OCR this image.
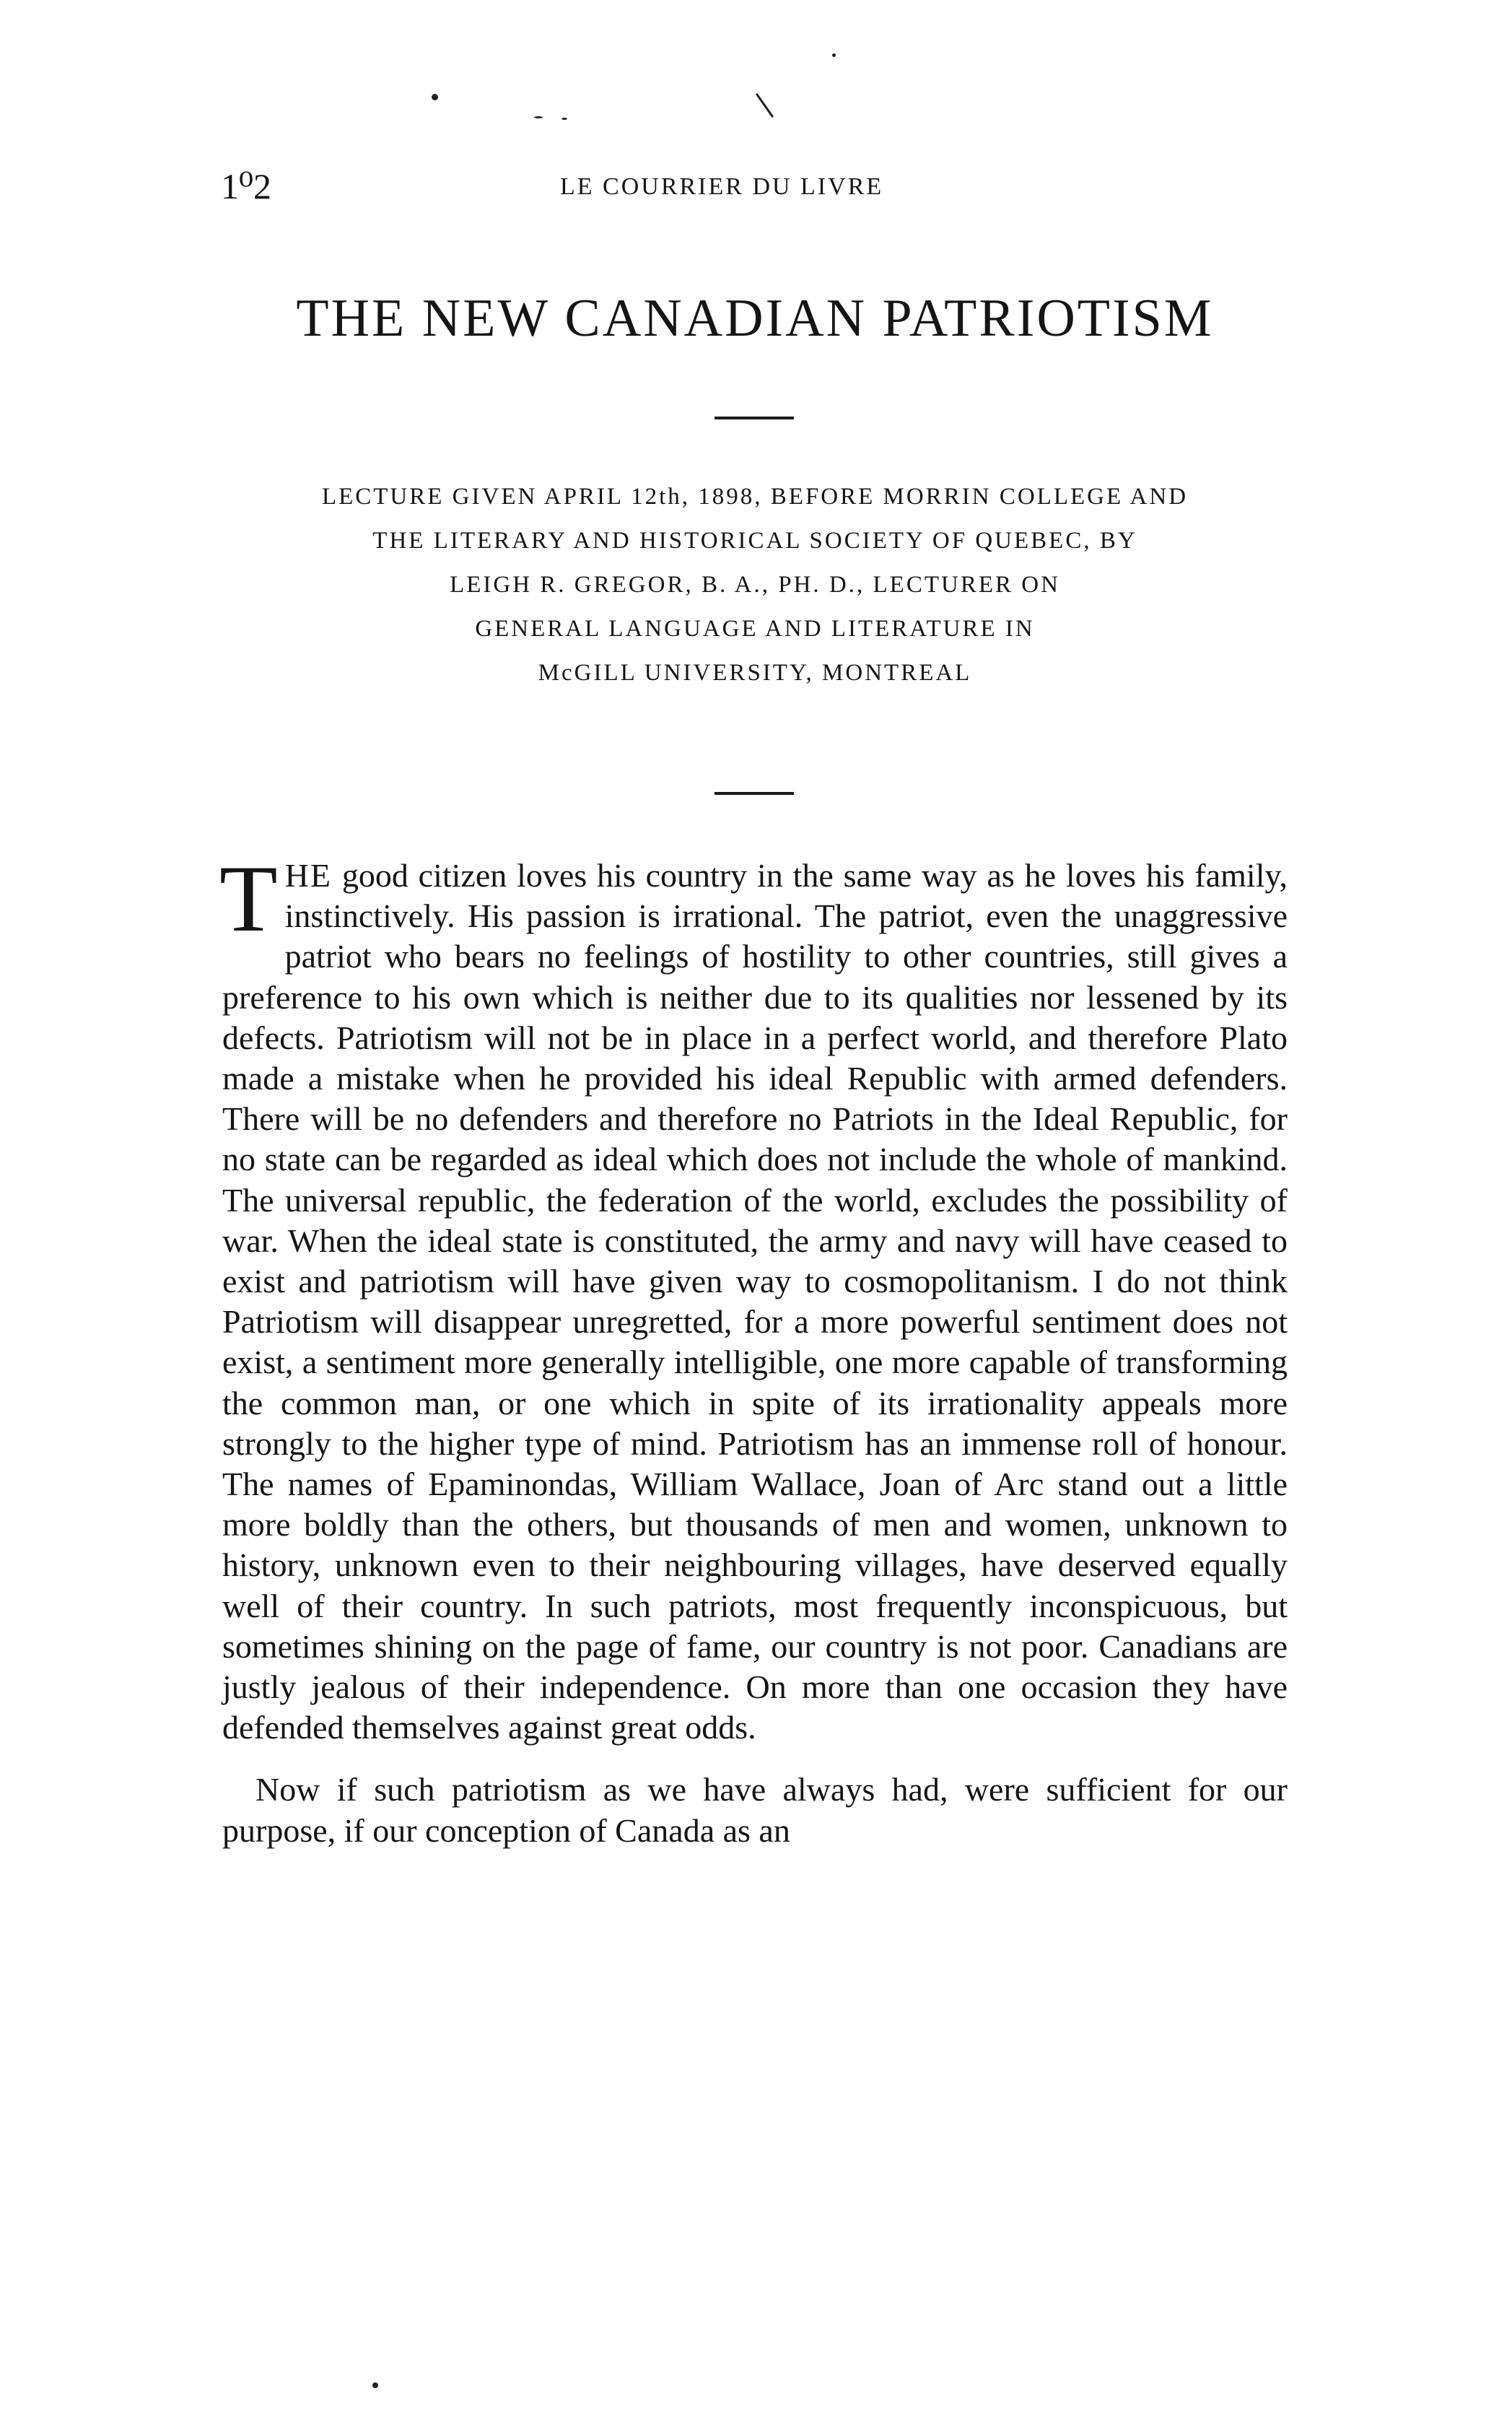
1⁰2	LE COURRIER DU LIVRE
THE NEW CANADIAN PATRIOTISM
LECTURE GIVEN APRIL 12th, 1898, BEFORE MORRIN COLLEGE AND
THE LITERARY AND HISTORICAL SOCIETY OF QUEBEC, BY
LEIGH R. GREGOR, B. A., PH. D., LECTURER ON
GENERAL LANGUAGE AND LITERATURE IN
McGILL UNIVERSITY, MONTREAL

THE good citizen loves his country in the same way as he loves his family, instinctively. His passion is irrational. The patriot, even the unaggressive patriot who bears no feelings of hostility to other countries, still gives a preference to his own which is neither due to its qualities nor lessened by its defects. Patriotism will not be in place in a perfect world, and therefore Plato made a mistake when he provided his ideal Republic with armed defenders. There will be no defenders and therefore no Patriots in the Ideal Republic, for no state can be regarded as ideal which does not include the whole of mankind. The universal republic, the federation of the world, excludes the possibility of war. When the ideal state is constituted, the army and navy will have ceased to exist and patriotism will have given way to cosmopolitanism. I do not think Patriotism will disappear unregretted, for a more powerful sentiment does not exist, a sentiment more generally intelligible, one more capable of transforming the common man, or one which in spite of its irrationality appeals more strongly to the higher type of mind. Patriotism has an immense roll of honour. The names of Epaminondas, William Wallace, Joan of Arc stand out a little more boldly than the others, but thousands of men and women, unknown to history, unknown even to their neighbouring villages, have deserved equally well of their country. In such patriots, most frequently inconspicuous, but sometimes shining on the page of fame, our country is not poor. Canadians are justly jealous of their independence. On more than one occasion they have defended themselves against great odds.

Now if such patriotism as we have always had, were sufficient for our purpose, if our conception of Canada as an
